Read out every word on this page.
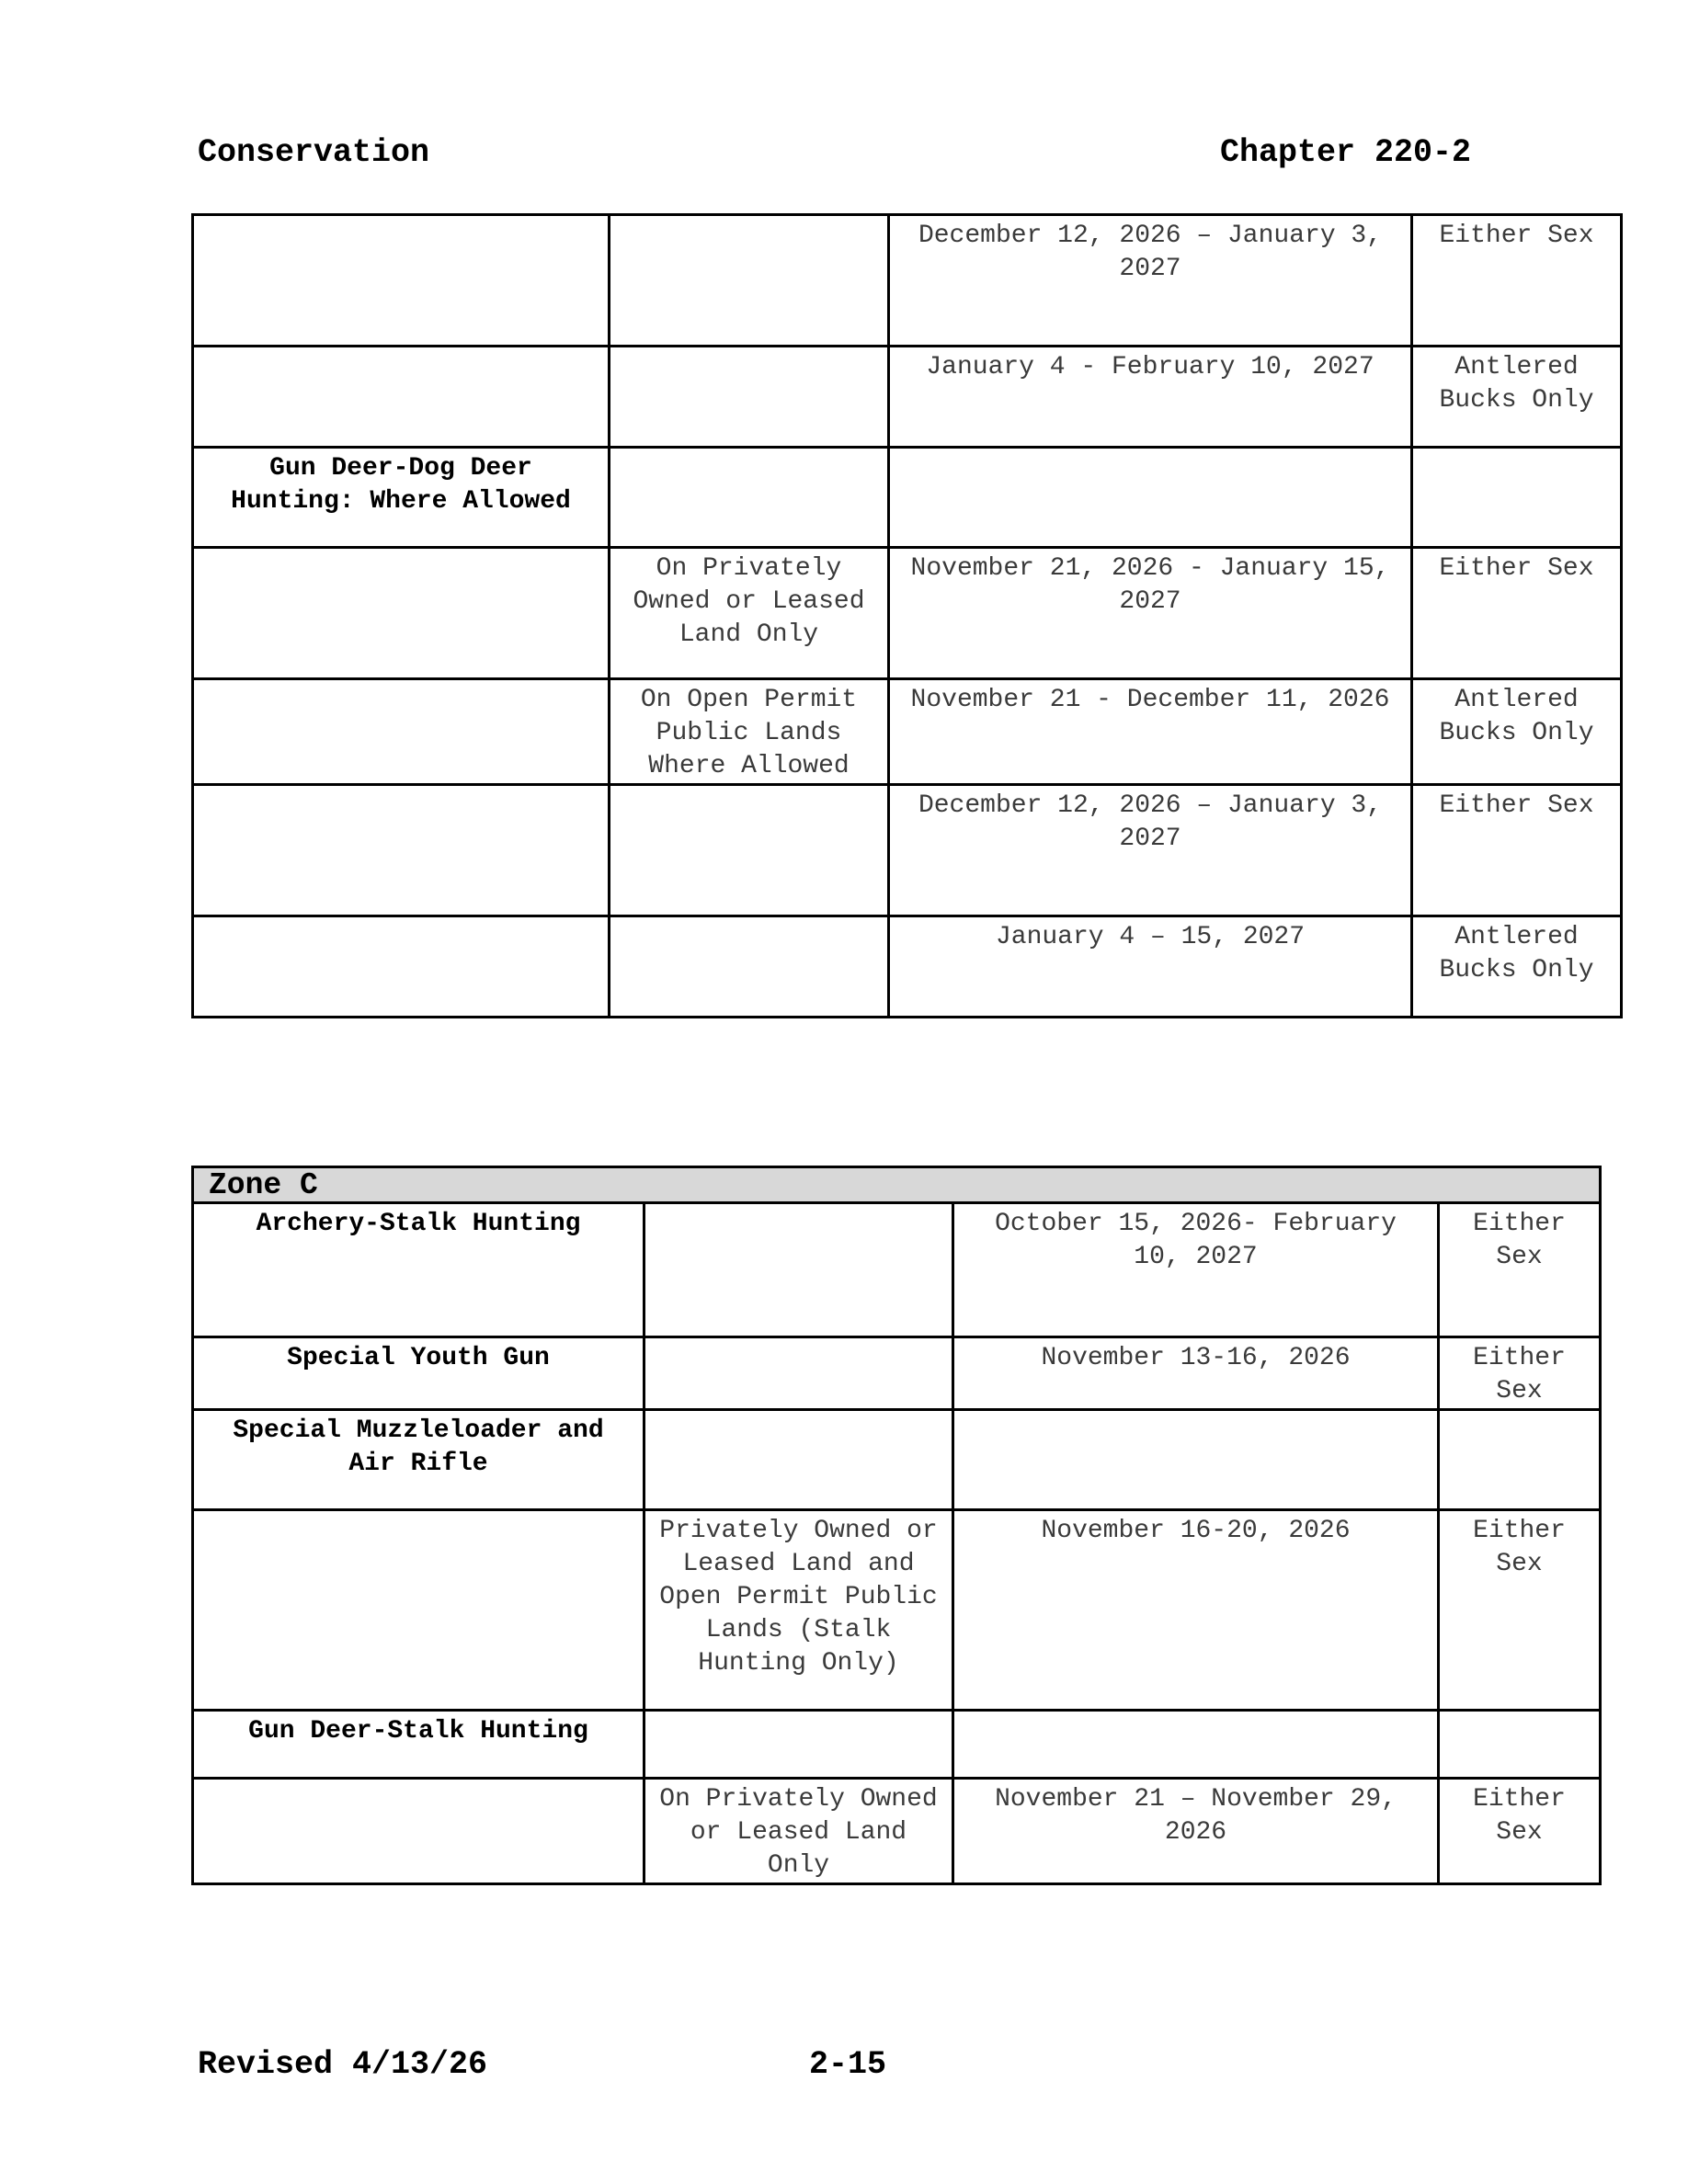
Conservation	Chapter 220-2
		December 12, 2026 – January 3, 2027	Either Sex
		January 4 - February 10, 2027	Antlered Bucks Only
Gun Deer-Dog Deer Hunting: Where Allowed			
	On Privately Owned or Leased Land Only	November 21, 2026 - January 15, 2027	Either Sex
	On Open Permit Public Lands Where Allowed	November 21 - December 11, 2026	Antlered Bucks Only
		December 12, 2026 – January 3, 2027	Either Sex
		January 4 – 15, 2027	Antlered Bucks Only
Zone C			
Archery-Stalk Hunting		October 15, 2026- February 10, 2027	Either Sex
Special Youth Gun		November 13-16, 2026	Either Sex
Special Muzzleloader and Air Rifle			
	Privately Owned or Leased Land and Open Permit Public Lands (Stalk Hunting Only)	November 16-20, 2026	Either Sex
Gun Deer-Stalk Hunting			
	On Privately Owned or Leased Land Only	November 21 – November 29, 2026	Either Sex
Revised 4/13/26	2-15
